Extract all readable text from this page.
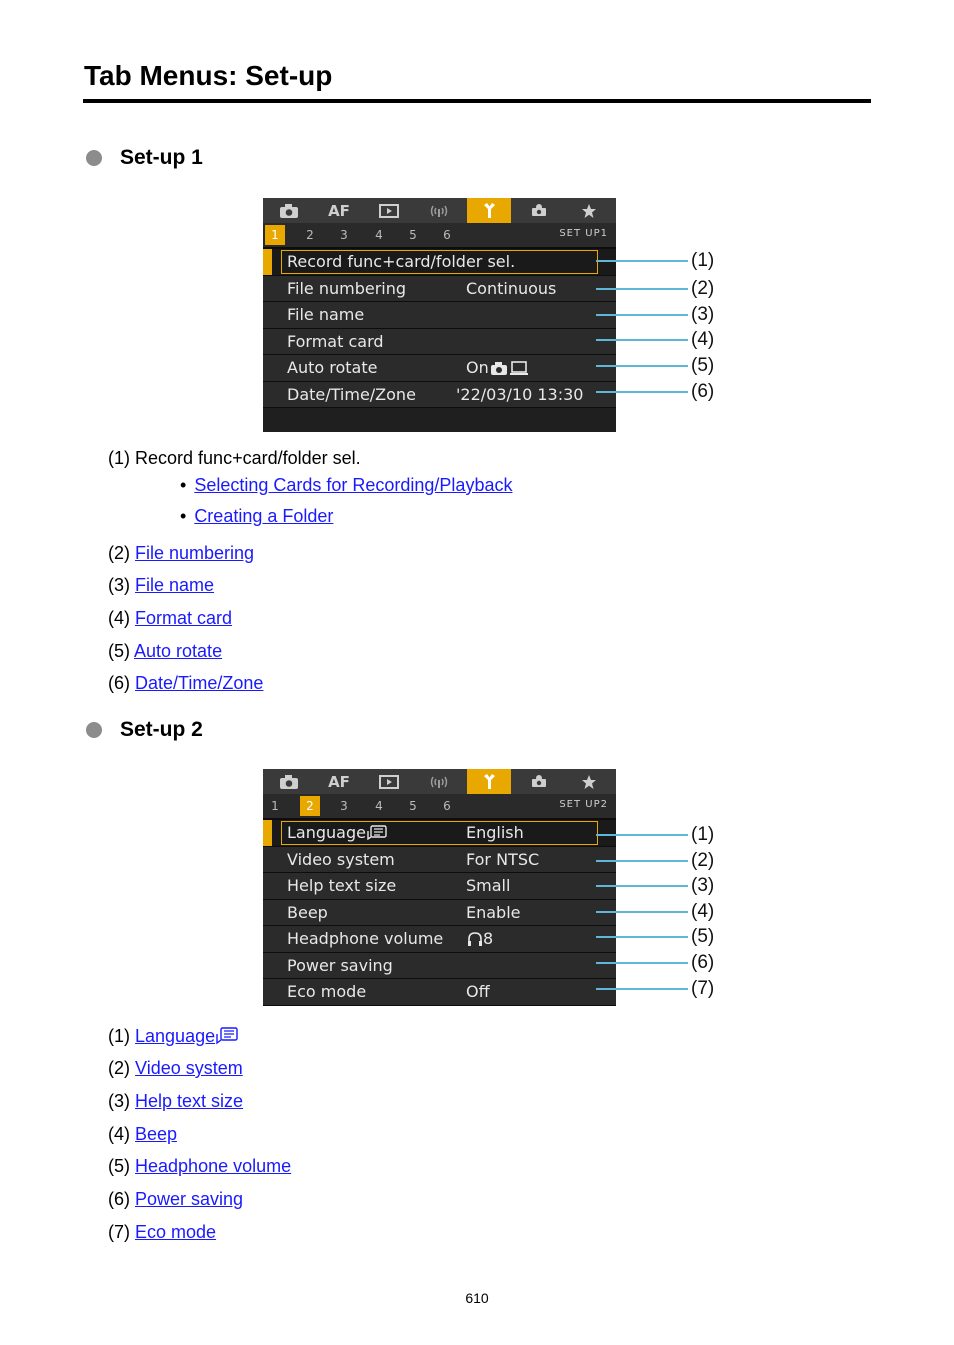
Tab Menus: Set-up
Set-up 1
AF
1	2	3	4	5	6	SET UP1
Record func+card/folder sel.
File numbering	Continuous
File name
Format card
Auto rotate	On
Date/Time/Zone	'22/03/10 13:30
(1)
(2)
(3)
(4)
(5)
(6)
(1) Record func+card/folder sel.
• Selecting Cards for Recording/Playback
• Creating a Folder
(2) File numbering
(3) File name
(4) Format card
(5) Auto rotate
(6) Date/Time/Zone
Set-up 2
AF
1	2	3	4	5	6	SET UP2
Language	English
Video system	For NTSC
Help text size	Small
Beep	Enable
Headphone volume	8
Power saving
Eco mode	Off
(1)
(2)
(3)
(4)
(5)
(6)
(7)
(1) Language
(2) Video system
(3) Help text size
(4) Beep
(5) Headphone volume
(6) Power saving
(7) Eco mode
610
